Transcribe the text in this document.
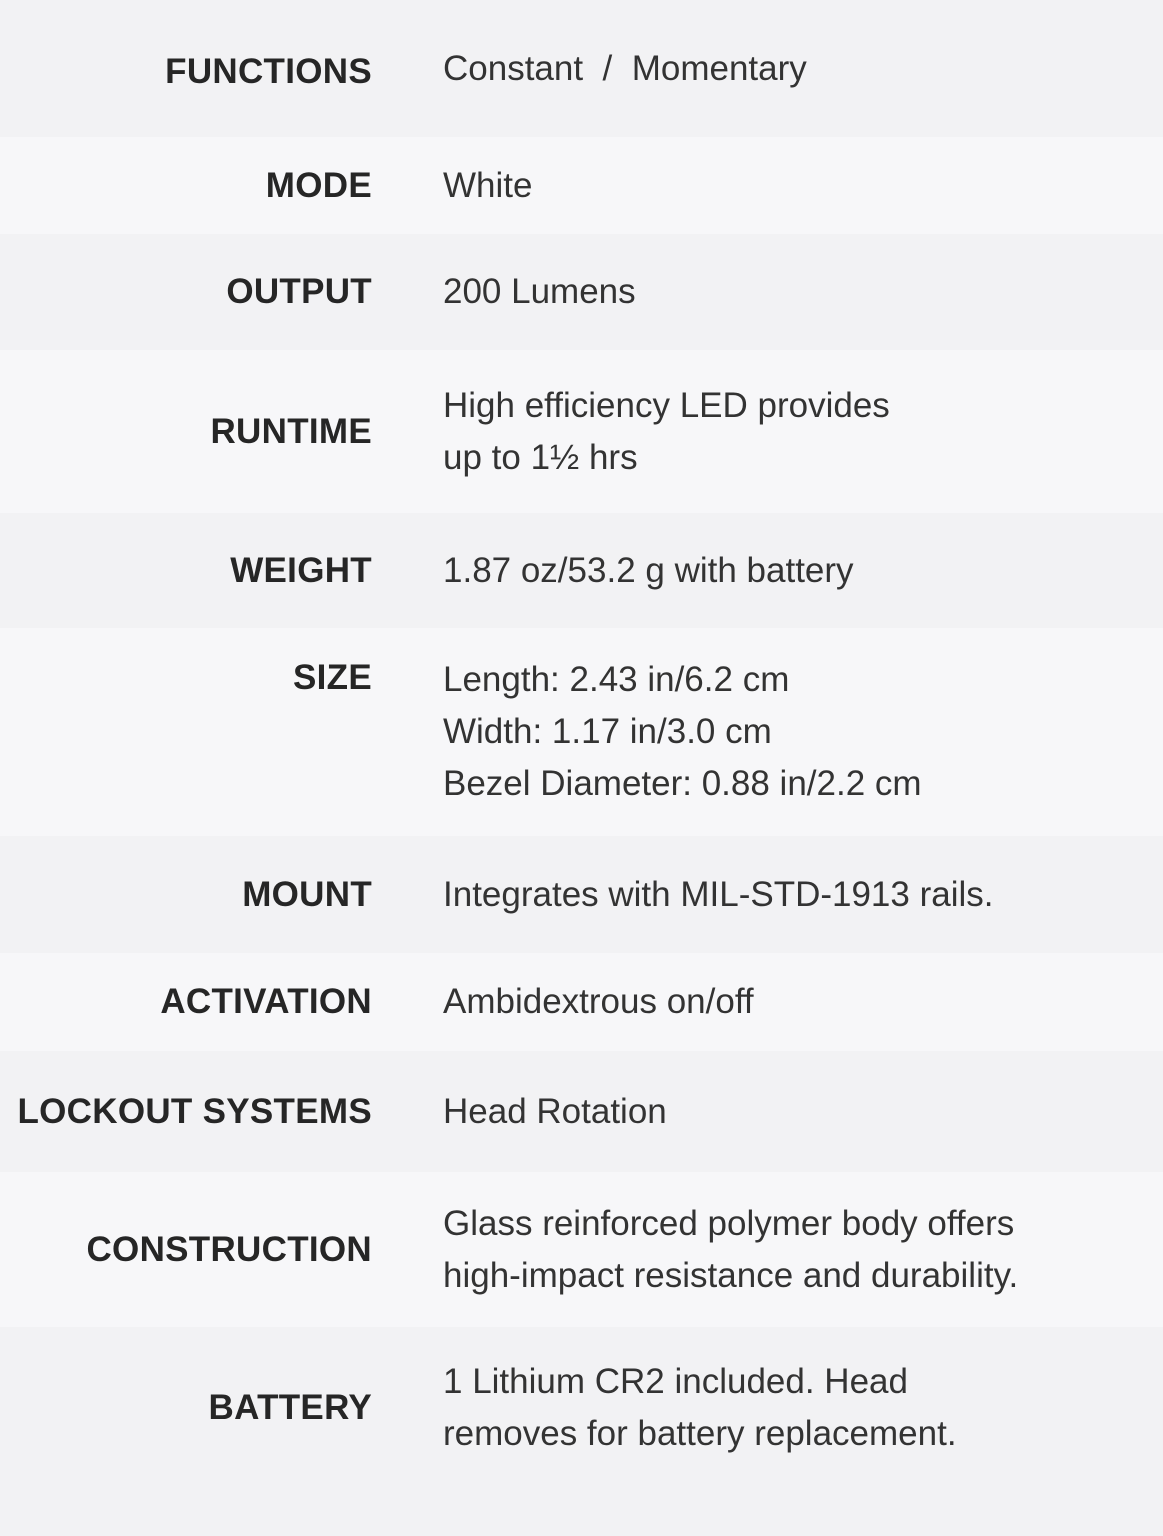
FUNCTIONS Constant  /  Momentary
MODE White
OUTPUT 200 Lumens
RUNTIME
High efficiency LED provides
up to 1½ hrs
WEIGHT 1.87 oz/53.2 g with battery
SIZE Length: 2.43 in/6.2 cm
Width: 1.17 in/3.0 cm
Bezel Diameter: 0.88 in/2.2 cm
MOUNT Integrates with MIL-STD-1913 rails.
ACTIVATION Ambidextrous on/off
LOCKOUT SYSTEMS Head Rotation
CONSTRUCTION
Glass reinforced polymer body offers
high-impact resistance and durability.
BATTERY
1 Lithium CR2 included. Head
removes for battery replacement.
